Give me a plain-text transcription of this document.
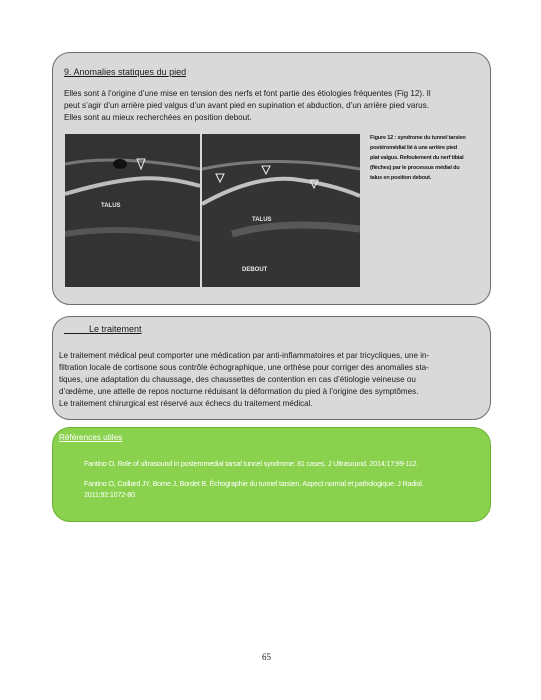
9. Anomalies statiques du pied
Elles sont à l’origine d’une mise en tension des nerfs et font partie des étiologies fréquentes (Fig 12). Il
peut s’agir d’un arrière pied valgus d’un avant pied en supination et abduction, d’un arrière pied varus.
Elles sont au mieux recherchées en position debout.
TALUS
TALUS
DEBOUT
Figure 12 : syndrome du tunnel tarsien
postéromédial lié à une arrière pied
plat valgus. Refoulement du nerf tibial
(flèches) par le processus médial du
talus en position debout.
Le traitement
Le traitement médical peut comporter une médication par anti-inflammatoires et par tricycliques, une in-
filtration locale de cortisone sous contrôle échographique, une orthèse pour corriger des anomalies sta-
tiques, une adaptation du chaussage, des chaussettes de contention en cas d’étiologie veineuse ou
d’œdème, une attelle de repos nocturne réduisant la déformation du pied à l’origine des symptômes.
Le traitement chirurgical est réservé aux échecs du traitement médical.
Références utiles
Fantino O. Role of ultrasound in posteromedial tarsal tunnel syndrome: 81 cases. J Ultrasound. 2014;17:99-112.
Fantino O, Coillard JY, Borne J, Bordet B. Échographie du tunnel tarsien. Aspect normal et pathologique. J Radiol.
2011;92:1072-80.
65
